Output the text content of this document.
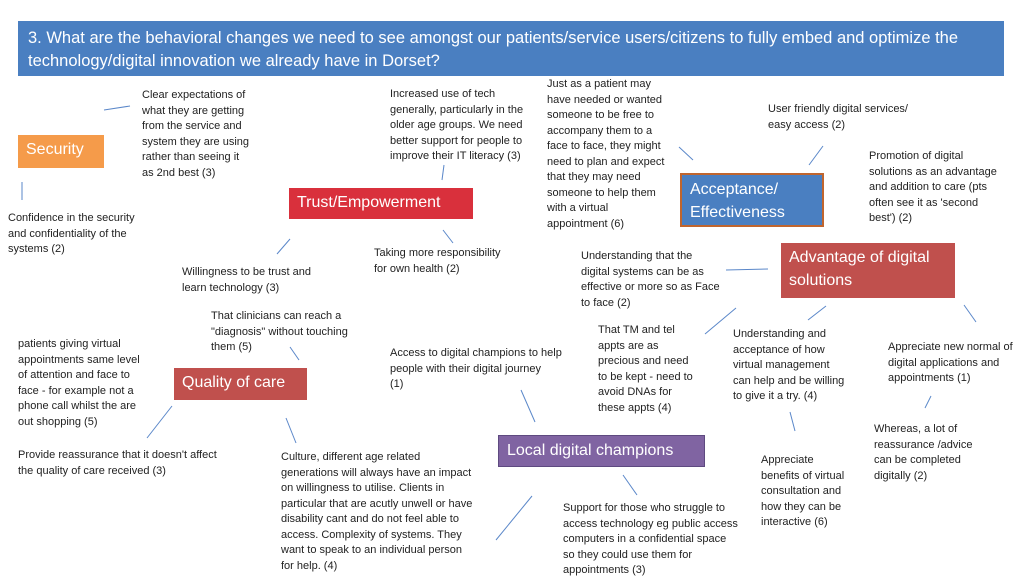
3. What are the behavioral changes we need to see amongst our patients/service users/citizens to fully embed and optimize the technology/digital innovation we already have in Dorset?
Security
Trust/Empowerment
Acceptance/
Effectiveness
Advantage of digital
solutions
Quality of care
Local digital champions
Clear expectations of
what they are getting
from the service and
system they are using
rather than seeing it
as 2nd best (3)
Increased use of tech
generally, particularly in the
older age groups. We need
better support for people to
improve their IT literacy (3)
Just as a patient may
have needed or wanted
someone to be free to
accompany them to a
face to face, they might
need to plan and expect
that they may need
someone to help them
with a virtual
appointment (6)
User friendly digital services/
easy access (2)
Promotion of digital
solutions as an advantage
and addition to care (pts
often see it as 'second
best') (2)
Confidence in the security
and confidentiality of the
systems (2)	Taking more responsibility
for own health (2)
Understanding that the
digital systems can be as
effective or more so as Face
to face (2)
Willingness to be trust and
learn technology (3)
That clinicians can reach a
"diagnosis" without touching
them (5)
That TM and tel
appts are as
precious and need
to be kept - need to
avoid DNAs for
these appts (4)
Understanding and
acceptance of how
virtual management
can help and be willing
to give it a try. (4)
Appreciate new normal of
digital applications and
appointments (1)
patients giving virtual
appointments same level
of attention and face to
face - for example not a
phone call whilst the are
out shopping (5)
Access to digital champions to help
people with their digital journey
(1)
Whereas, a lot of
reassurance /advice
can be completed
digitally (2)
Provide reassurance that it doesn't affect
the quality of care received (3)
Culture, different age related
generations will always have an impact
on willingness to utilise. Clients in
particular that are acutly unwell or have
disability cant and do not feel able to
access. Complexity of systems. They
want to speak to an individual person
for help. (4)
Appreciate
benefits of virtual
consultation and
how they can be
interactive (6)
Support for those who struggle to
access technology eg public access
computers in a confidential space
so they could use them for
appointments (3)
